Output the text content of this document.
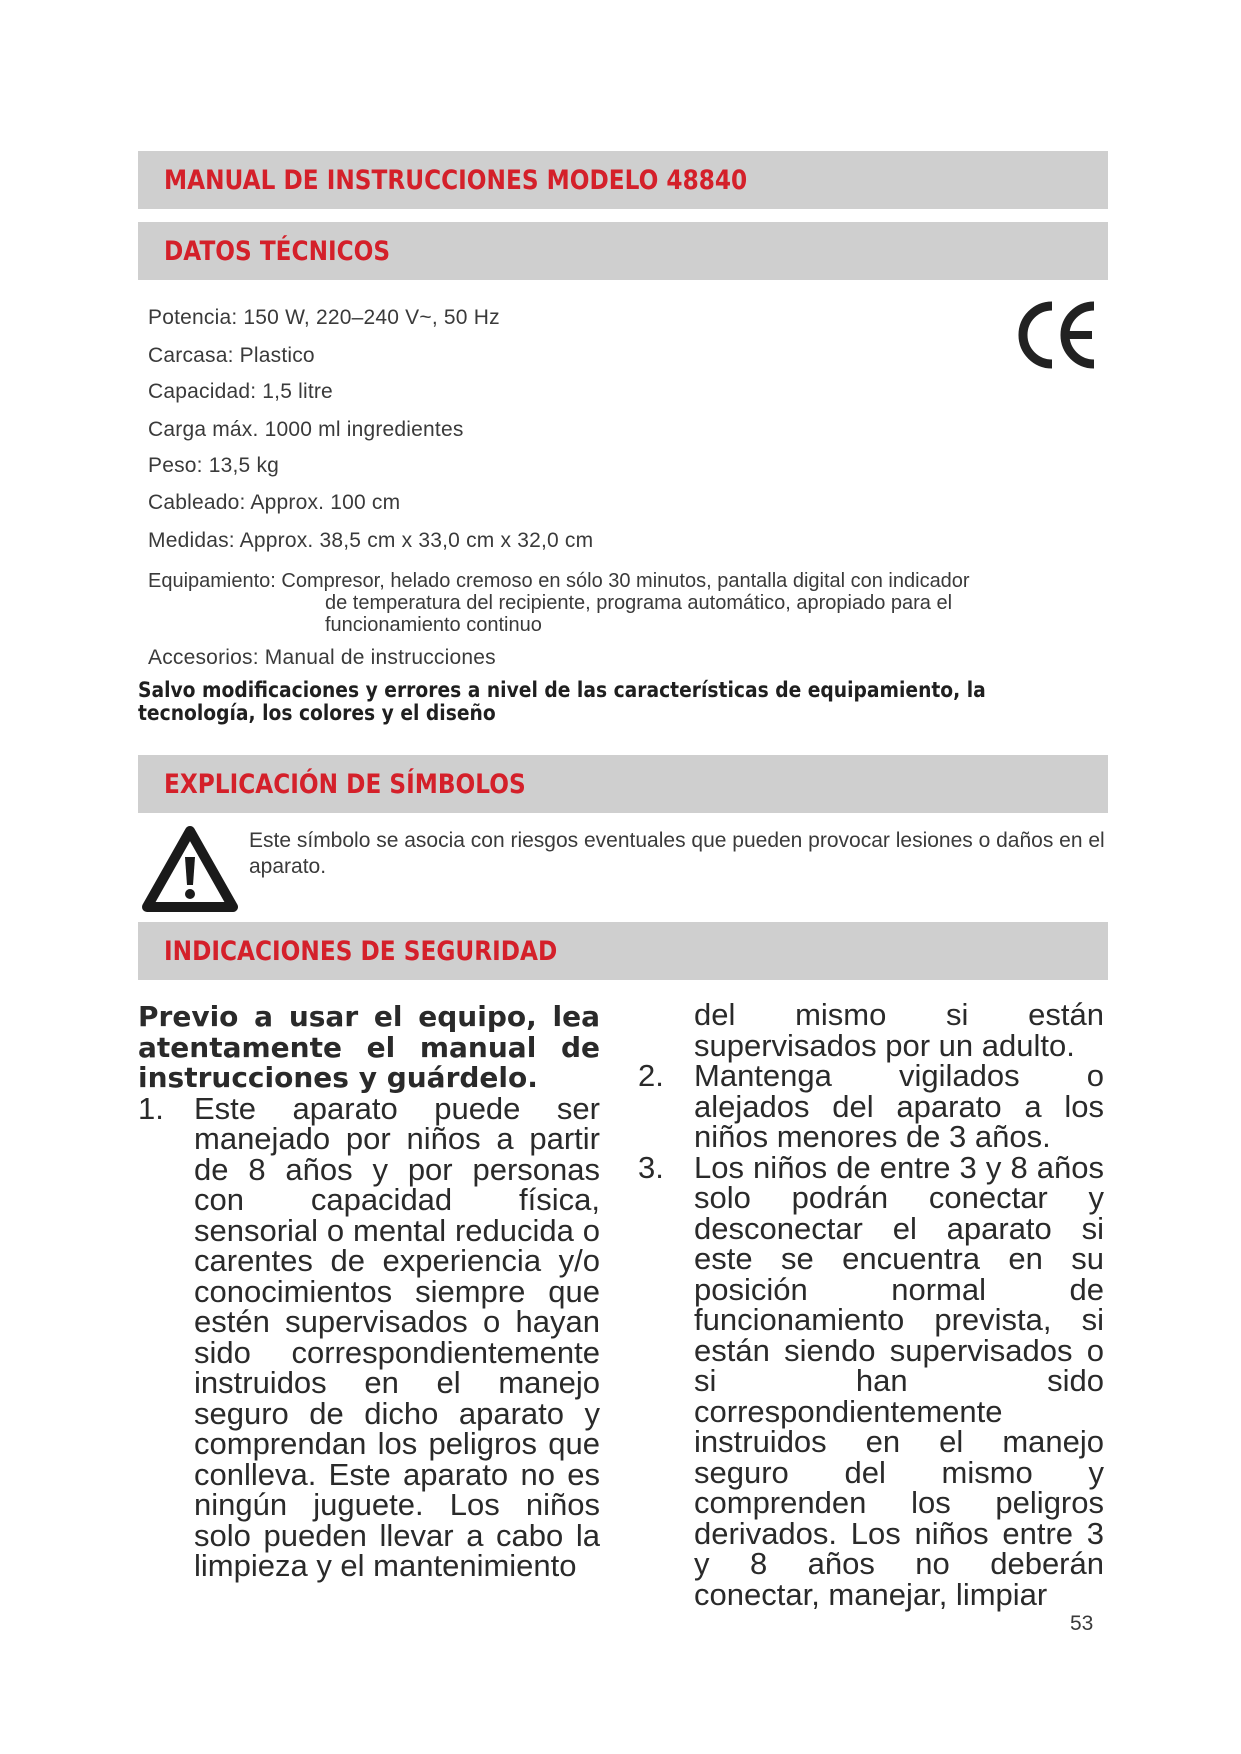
MANUAL DE INSTRUCCIONES MODELO 48840
DATOS TÉCNICOS
CE
Potencia: 150 W, 220–240 V~, 50 Hz
Carcasa: Plastico
Capacidad: 1,5 litre
Carga máx. 1000 ml ingredientes
Peso: 13,5 kg
Cableado: Approx. 100 cm
Medidas: Approx. 38,5 cm x 33,0 cm x 32,0 cm
Equipamiento: Compresor, helado cremoso en sólo 30 minutos, pantalla digital con indicador
de temperatura del recipiente, programa automático, apropiado para el funcionamiento continuo
Accesorios: Manual de instrucciones
Salvo modificaciones y errores a nivel de las características de equipamiento, la tecnología, los colores y el diseño
EXPLICACIÓN DE SÍMBOLOS
Este símbolo se asocia con riesgos eventuales que pueden provocar lesiones o daños en el aparato.
INDICACIONES DE SEGURIDAD
Previo a usar el equipo, lea atentamente el manual de instrucciones y guárdelo.
1. Este aparato puede ser manejado por niños a partir de 8 años y por personas con capacidad física, sensorial o mental reducida o carentes de experiencia y/o conocimientos siempre que estén supervisados o hayan sido correspondientemente instruidos en el manejo seguro de dicho aparato y comprendan los peligros que conlleva. Este aparato no es ningún juguete. Los niños solo pueden llevar a cabo la limpieza y el mantenimiento
del mismo si están supervisados por un adulto.
2. Mantenga vigilados o alejados del aparato a los niños menores de 3 años.
3. Los niños de entre 3 y 8 años solo podrán conectar y desconectar el aparato si este se encuentra en su posición normal de funcionamiento prevista, si están siendo supervisados o si han sido correspondientemente instruidos en el manejo seguro del mismo y comprenden los peligros derivados. Los niños entre 3 y 8 años no deberán conectar, manejar, limpiar
53
